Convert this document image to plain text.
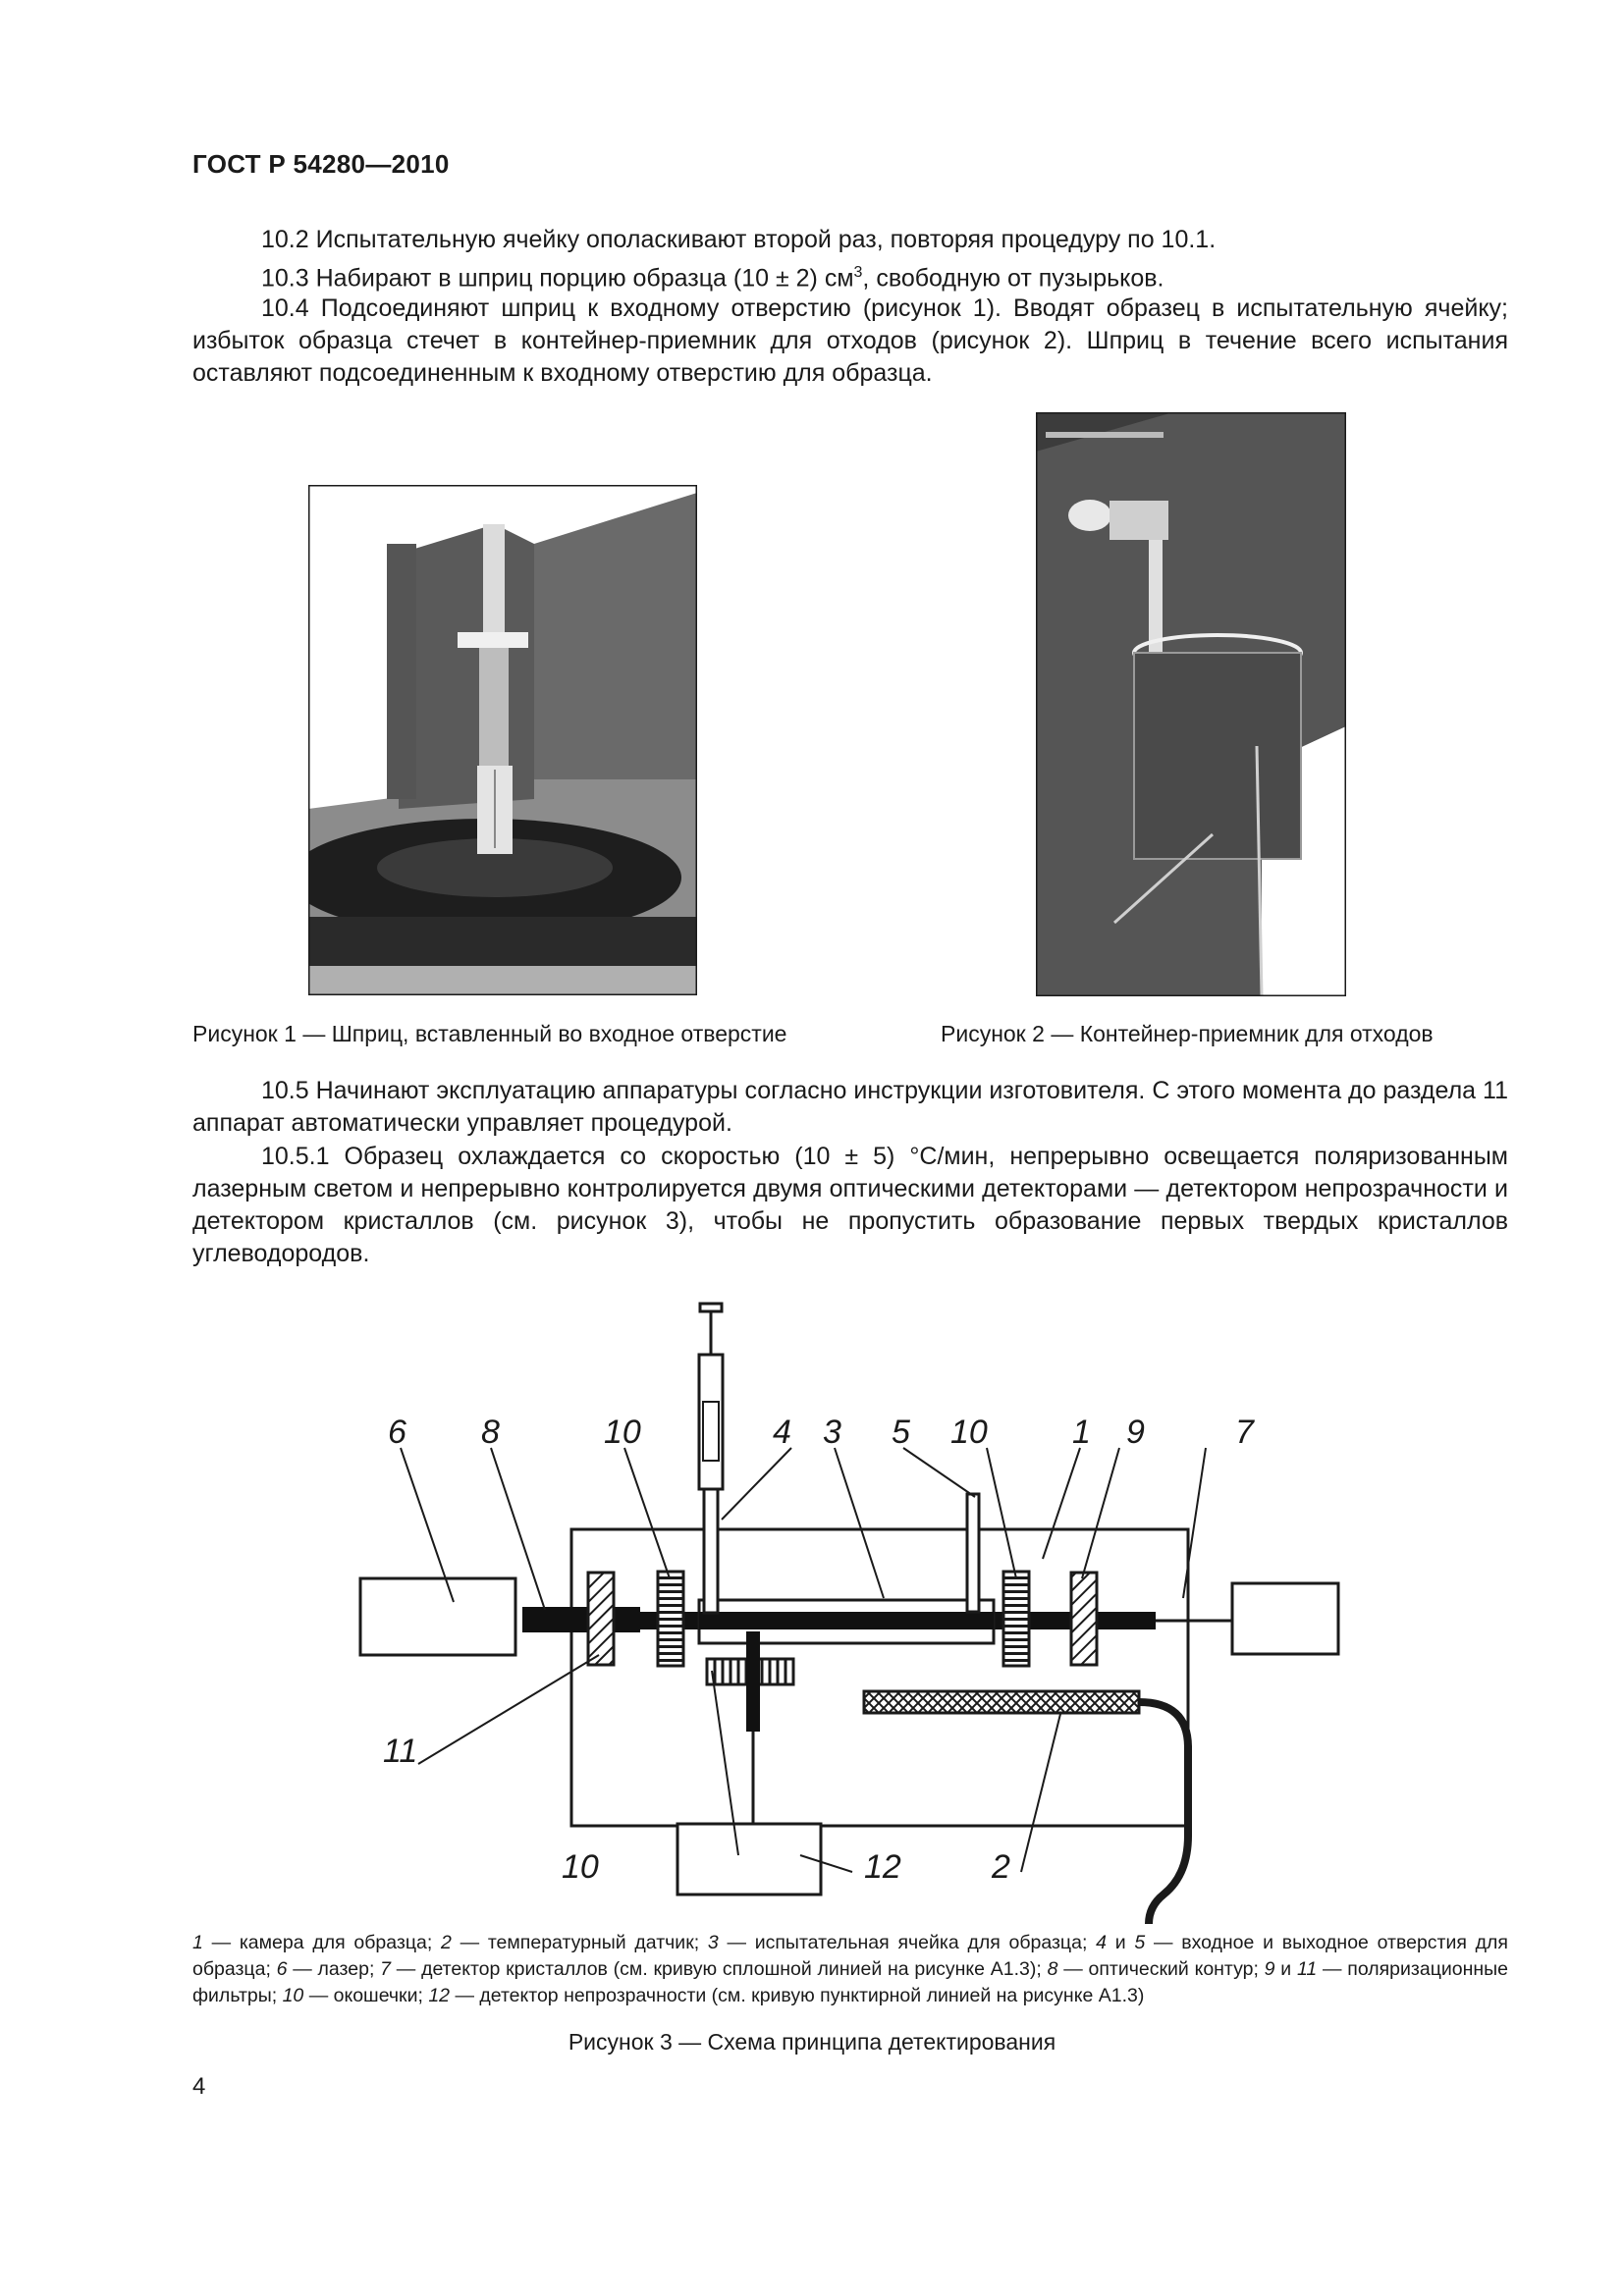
ГОСТ Р 54280—2010
10.2 Испытательную ячейку ополаскивают второй раз, повторяя процедуру по 10.1.
10.3 Набирают в шприц порцию образца (10 ± 2) $см^3$, свободную от пузырьков.
10.4 Подсоединяют шприц к входному отверстию (рисунок 1). Вводят образец в испытательную ячейку; избыток образца стечет в контейнер-приемник для отходов (рисунок 2). Шприц в течение всего испытания оставляют подсоединенным к входному отверстию для образца.
Рисунок 1 — Шприц, вставленный во входное отверстие	Рисунок 2 — Контейнер-приемник для отходов
10.5 Начинают эксплуатацию аппаратуры согласно инструкции изготовителя. С этого момента до раздела 11 аппарат автоматически управляет процедурой.
10.5.1 Образец охлаждается со скоростью (10 ± 5) °С/мин, непрерывно освещается поляризованным лазерным светом и непрерывно контролируется двумя оптическими детекторами — детектором непрозрачности и детектором кристаллов (см. рисунок 3), чтобы не пропустить образование первых твердых кристаллов углеводородов.
6 8	10	4 3 5 10	1 9	7
11
10	12	2
1 — камера для образца; 2 — температурный датчик; 3 — испытательная ячейка для образца; 4 и 5 — входное и выходное отверстия для образца; 6 — лазер; 7 — детектор кристаллов (см. кривую сплошной линией на рисунке А1.3); 8 — оптический контур; 9 и 11 — поляризационные фильтры; 10 — окошечки; 12 — детектор непрозрачности (см. кривую пунктирной линией на рисунке А1.3)
Рисунок 3 — Схема принципа детектирования
4
